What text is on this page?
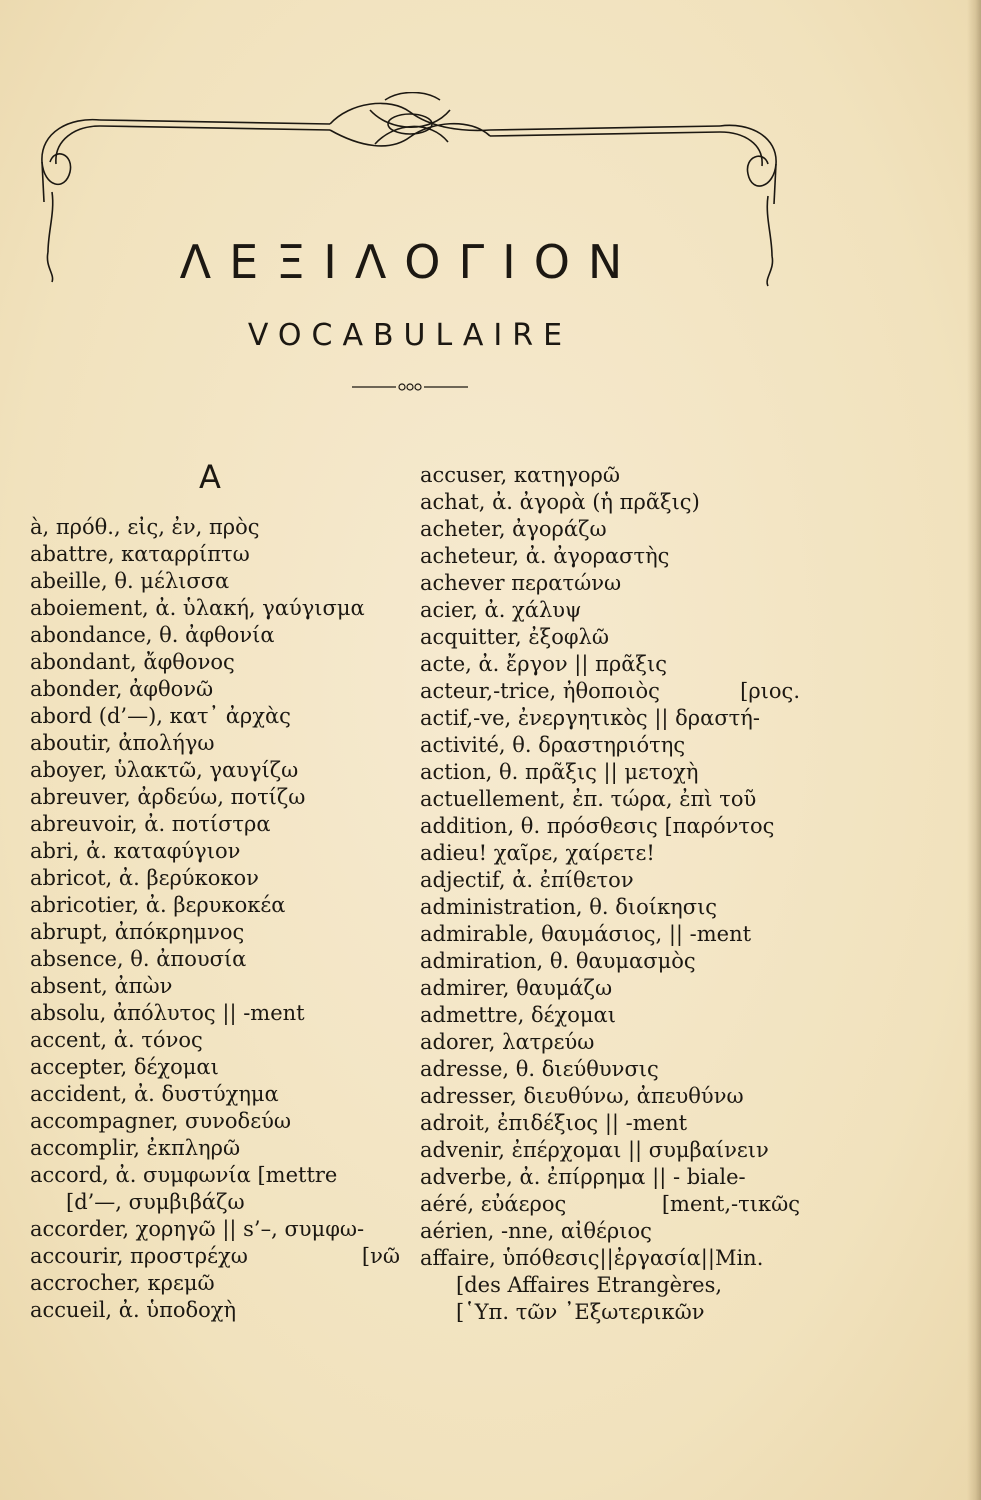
ΛΕΞΙΛΟΓΙΟΝ
VOCABULAIRE
A
à, πρόθ., εἰς, ἐν, πρὸς
abattre, καταρρίπτω
abeille, θ. μέλισσα
aboiement, ἀ. ὑλακή, γαύγισμα
abondance, θ. ἀφθονία
abondant, ἄφθονος
abonder, ἀφθονῶ
abord (d’—), κατ᾽ ἀρχὰς
aboutir, ἀπολήγω
aboyer, ὑλακτῶ, γαυγίζω
abreuver, ἀρδεύω, ποτίζω
abreuvoir, ἀ. ποτίστρα
abri, ἀ. καταφύγιον
abricot, ἀ. βερύκοκον
abricotier, ἀ. βερυκοκέα
abrupt, ἀπόκρημνος
absence, θ. ἀπουσία
absent, ἀπὼν
absolu, ἀπόλυτος || -ment
accent, ἀ. τόνος
accepter, δέχομαι
accident, ἀ. δυστύχημα
accompagner, συνοδεύω
accomplir, ἐκπληρῶ
accord, ἀ. συμφωνία [mettre
[d’—, συμβιβάζω
accorder, χορηγῶ || s’–, συμφω-
accourir, προστρέχω	[νῶ
accrocher, κρεμῶ
accueil, ἀ. ὑποδοχὴ
accuser, κατηγορῶ
achat, ἀ. ἀγορὰ (ἡ πρᾶξις)
acheter, ἀγοράζω
acheteur, ἀ. ἀγοραστὴς
achever περατώνω
acier, ἀ. χάλυψ
acquitter, ἐξοφλῶ
acte, ἀ. ἔργον || πρᾶξις
acteur,-trice, ἠθοποιὸς	[ριος.
actif,-ve, ἐνεργητικὸς || δραστή-
activité, θ. δραστηριότης
action, θ. πρᾶξις || μετοχὴ
actuellement, ἐπ. τώρα, ἐπὶ τοῦ
addition, θ. πρόσθεσις [παρόντος
adieu! χαῖρε, χαίρετε!
adjectif, ἀ. ἐπίθετον
administration, θ. διοίκησις
admirable, θαυμάσιος, || -ment
admiration, θ. θαυμασμὸς
admirer, θαυμάζω
admettre, δέχομαι
adorer, λατρεύω
adresse, θ. διεύθυνσις
adresser, διευθύνω, ἀπευθύνω
adroit, ἐπιδέξιος || -ment
advenir, ἐπέρχομαι || συμβαίνειν
adverbe, ἀ. ἐπίρρημα || - biale-
aéré, εὐάερος	[ment,-τικῶς
aérien, -nne, αἰθέριος
affaire, ὑπόθεσις||ἐργασία||Min.
[des Affaires Etrangères,
[῾Υπ. τῶν ᾿Εξωτερικῶν
